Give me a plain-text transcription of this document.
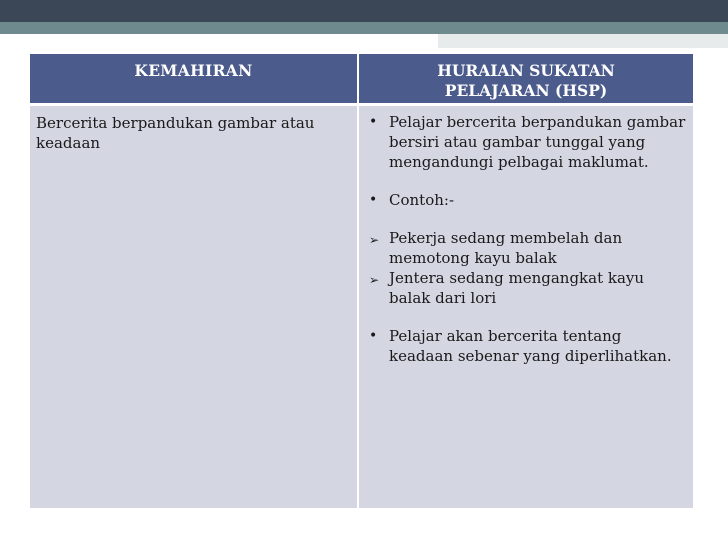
KEMAHIRAN	HURAIAN SUKATAN
PELAJARAN (HSP)
Bercerita berpandukan gambar atau keadaan
• Pelajar bercerita berpandukan gambar bersiri atau gambar tunggal yang mengandungi pelbagai maklumat.
• Contoh:-
➢ Pekerja sedang membelah dan memotong kayu balak
➢ Jentera sedang mengangkat kayu balak dari lori
• Pelajar akan bercerita tentang keadaan sebenar yang diperlihatkan.
